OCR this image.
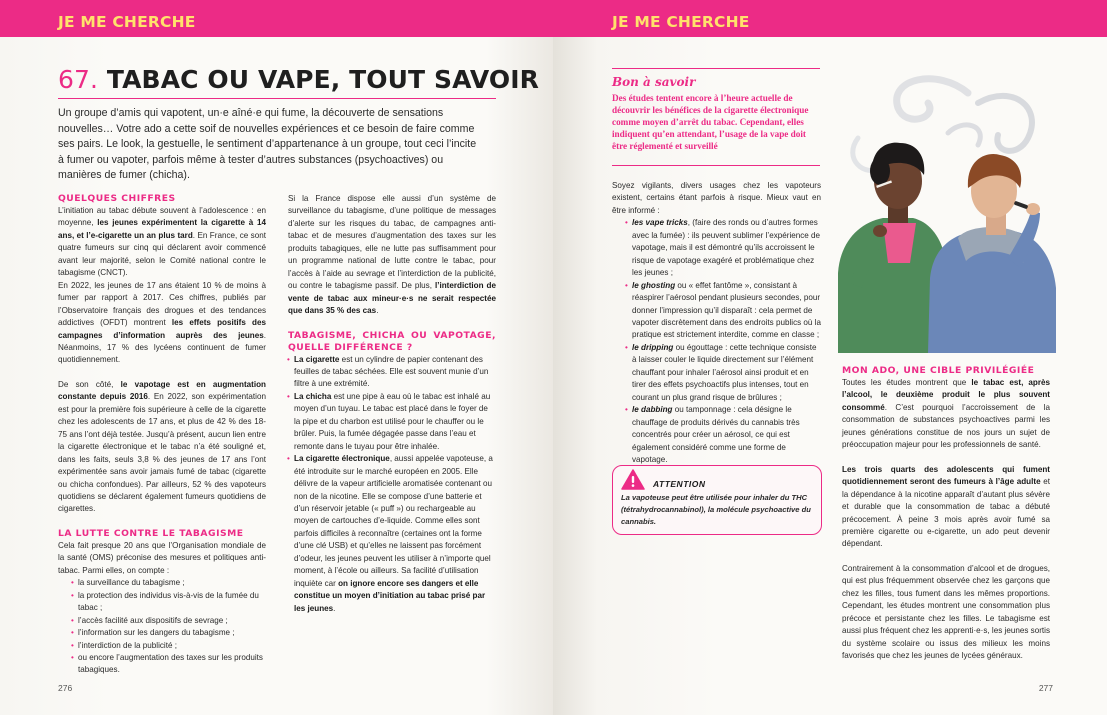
JE ME CHERCHE
67. TABAC OU VAPE, TOUT SAVOIR

Un groupe d’amis qui vapotent, un·e aîné·e qui fume, la découverte de sensations nouvelles… Votre ado a cette soif de nouvelles expériences et ce besoin de faire comme ses pairs. Le look, la gestuelle, le sentiment d’appartenance à un groupe, tout ceci l’incite à fumer ou vapoter, parfois même à tester d’autres substances (psychoactives) ou manières de fumer (chicha).

QUELQUES CHIFFRES

L’initiation au tabac débute souvent à l’adolescence : en moyenne, les jeunes expérimentent la cigarette à 14 ans, et l’e-cigarette un an plus tard. En France, ce sont quatre fumeurs sur cinq qui déclarent avoir commencé avant leur majorité, selon le Comité national contre le tabagisme (CNCT).

En 2022, les jeunes de 17 ans étaient 10 % de moins à fumer par rapport à 2017. Ces chiffres, publiés par l’Observatoire français des drogues et des tendances addictives (OFDT) montrent les effets positifs des campagnes d’information auprès des jeunes. Néanmoins, 17 % des lycéens continuent de fumer quotidiennement.

De son côté, le vapotage est en augmentation constante depuis 2016. En 2022, son expérimentation est pour la première fois supérieure à celle de la cigarette chez les adolescents de 17 ans, et plus de 42 % des 18-75 ans l’ont déjà testée. Jusqu’à présent, aucun lien entre la cigarette électronique et le tabac n’a été souligné et, dans les faits, seuls 3,8 % des jeunes de 17 ans l’ont expérimentée sans avoir jamais fumé de tabac (cigarette ou chicha confondues). Par ailleurs, 52 % des vapoteurs quotidiens se déclarent également fumeurs quotidiens de cigarettes.

LA LUTTE CONTRE LE TABAGISME

Cela fait presque 20 ans que l’Organisation mondiale de la santé (OMS) préconise des mesures et politiques anti-tabac. Parmi elles, on compte :

• la surveillance du tabagisme ;
• la protection des individus vis-à-vis de la fumée du tabac ;
• l’accès facilité aux dispositifs de sevrage ;
• l’information sur les dangers du tabagisme ;
• l’interdiction de la publicité ;
• ou encore l’augmentation des taxes sur les produits tabagiques.

Si la France dispose elle aussi d’un système de surveillance du tabagisme, d’une politique de messages d’alerte sur les risques du tabac, de campagnes anti-tabac et de mesures d’augmentation des taxes sur les produits tabagiques, elle ne lutte pas suffisamment pour un programme national de lutte contre le tabac, pour l’accès à l’aide au sevrage et l’interdiction de la publicité, ou contre le tabagisme passif. De plus, l’interdiction de vente de tabac aux mineur·e·s ne serait respectée que dans 35 % des cas.

TABAGISME, CHICHA OU VAPOTAGE, QUELLE DIFFÉRENCE ?
• La cigarette est un cylindre de papier contenant des feuilles de tabac séchées. Elle est souvent munie d’un filtre à une extrémité.
• La chicha est une pipe à eau où le tabac est inhalé au moyen d’un tuyau. Le tabac est placé dans le foyer de la pipe et du charbon est utilisé pour le chauffer ou le brûler. Puis, la fumée dégagée passe dans l’eau et remonte dans le tuyau pour être inhalée.
• La cigarette électronique, aussi appelée vapoteuse, a été introduite sur le marché européen en 2005. Elle délivre de la vapeur artificielle aromatisée contenant ou non de la nicotine. Elle se compose d’une batterie et d’un réservoir jetable (« puff ») ou rechargeable au moyen de cartouches d’e-liquide. Comme elles sont parfois difficiles à reconnaître (certaines ont la forme d’une clé USB) et qu’elles ne laissent pas forcément d’odeur, les jeunes peuvent les utiliser à n’importe quel moment, à l’école ou ailleurs. Sa facilité d’utilisation inquiète car on ignore encore ses dangers et elle constitue un moyen d’initiation au tabac prisé par les jeunes.
276
JE ME CHERCHE
Bon à savoir
Des études tentent encore à l’heure actuelle de découvrir les bénéfices de la cigarette électronique comme moyen d’arrêt du tabac. Cependant, elles indiquent qu’en attendant, l’usage de la vape doit être réglementé et surveillé

Soyez vigilants, divers usages chez les vapoteurs existent, certains étant parfois à risque. Mieux vaut en être informé :

• les vape tricks, (faire des ronds ou d’autres formes avec la fumée) : ils peuvent sublimer l’expérience de vapotage, mais il est démontré qu’ils accroissent le risque de vapotage exagéré et problématique chez les jeunes ;
• le ghosting ou « effet fantôme », consistant à réaspirer l’aérosol pendant plusieurs secondes, pour donner l’impression qu’il disparaît : cela permet de vapoter discrètement dans des endroits publics où la pratique est strictement interdite, comme en classe ;
• le dripping ou égouttage : cette technique consiste à laisser couler le liquide directement sur l’élément chauffant pour inhaler l’aérosol ainsi produit et en tirer des effets psychoactifs plus intenses, tout en courant un plus grand risque de brûlures ;
• le dabbing ou tamponnage : cela désigne le chauffage de produits dérivés du cannabis très concentrés pour créer un aérosol, ce qui est également considéré comme une forme de vapotage.
ATTENTION
La vapoteuse peut être utilisée pour inhaler du THC (tétrahydrocannabinol), la molécule psychoactive du cannabis.
MON ADO, UNE CIBLE PRIVILÉGIÉE

Toutes les études montrent que le tabac est, après l’alcool, le deuxième produit le plus souvent consommé. C’est pourquoi l’accroissement de la consommation de substances psychoactives parmi les jeunes générations constitue de nos jours un sujet de préoccupation majeur pour les professionnels de santé.

Les trois quarts des adolescents qui fument quotidiennement seront des fumeurs à l’âge adulte et la dépendance à la nicotine apparaît d’autant plus sévère et durable que la consommation de tabac a débuté précocement. À peine 3 mois après avoir fumé sa première cigarette ou e-cigarette, un ado peut devenir dépendant.

Contrairement à la consommation d’alcool et de drogues, qui est plus fréquemment observée chez les garçons que chez les filles, tous fument dans les mêmes proportions. Cependant, les études montrent une consommation plus précoce et persistante chez les filles. Le tabagisme est aussi plus fréquent chez les apprenti·e·s, les jeunes sortis du système scolaire ou issus des milieux les moins favorisés que chez les jeunes de lycées généraux.

277
